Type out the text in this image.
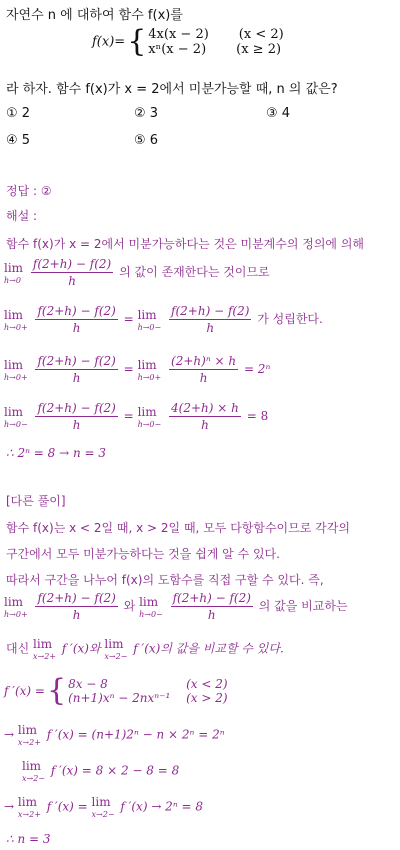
자연수 n 에 대하여 함수 f(x)를
f(x)={ 4x(x − 2) (x < 2)
xⁿ(x − 2) (x ≥ 2)
라 하자. 함수 f(x)가 x = 2에서 미분가능할 때, n 의 값은?
① 2	② 3	③ 4
④ 5	⑤ 6
정답 : ②
해설 :
함수 f(x)가 x = 2에서 미분가능하다는 것은 미분계수의 정의에 의해
lim
h→0
$\frac{f(2+h) - f(2)}{h}$ 의 값이 존재한다는 것이므로
lim
h→0+
$\frac{f(2+h) - f(2)}{h} = \lim$
h→0−
$\frac{f(2+h) - f(2)}{h}$ 가 성립한다.
lim
h→0+
$\frac{f(2+h) - f(2)}{h} = \lim$
h→0+
$\frac{\text{(2+h)ⁿ × h}}{h} = 2^n$
lim
h→0−
$\frac{f(2+h) - f(2)}{h} = \lim$
h→0−
$\frac{4(2+h) \times h}{h} = 8$
∴ 2ⁿ = 8 → n = 3
[다른 풀이]
함수 f(x)는 x < 2일 때, x > 2일 때, 모두 다항함수이므로 각각의
구간에서 모두 미분가능하다는 것을 쉽게 알 수 있다.
따라서 구간을 나누어 f(x)의 도함수를 직접 구할 수 있다. 즉,
lim
h→0+
$\frac{f(2+h) - f(2)}{h}$ 와 lim
h→0−
$\frac{f(2+h) - f(2)}{h}$ 의 값을 비교하는
대신 lim
x→2+
f ′(x)와 lim
x→2−
f ′(x)의 값을 비교할 수 있다.
f ′(x) ={ 8x − 8	(x < 2)
(n+1)xⁿ − 2nxⁿ⁻¹ (x > 2)
→ lim
x→2+
f ′(x) = (n+1)2ⁿ − n × 2ⁿ = 2ⁿ
lim
x→2−
f ′(x) = 8 × 2 − 8 = 8
→ lim
x→2+
f ′(x) = lim
x→2−
f ′(x) → 2ⁿ = 8
∴ n = 3
